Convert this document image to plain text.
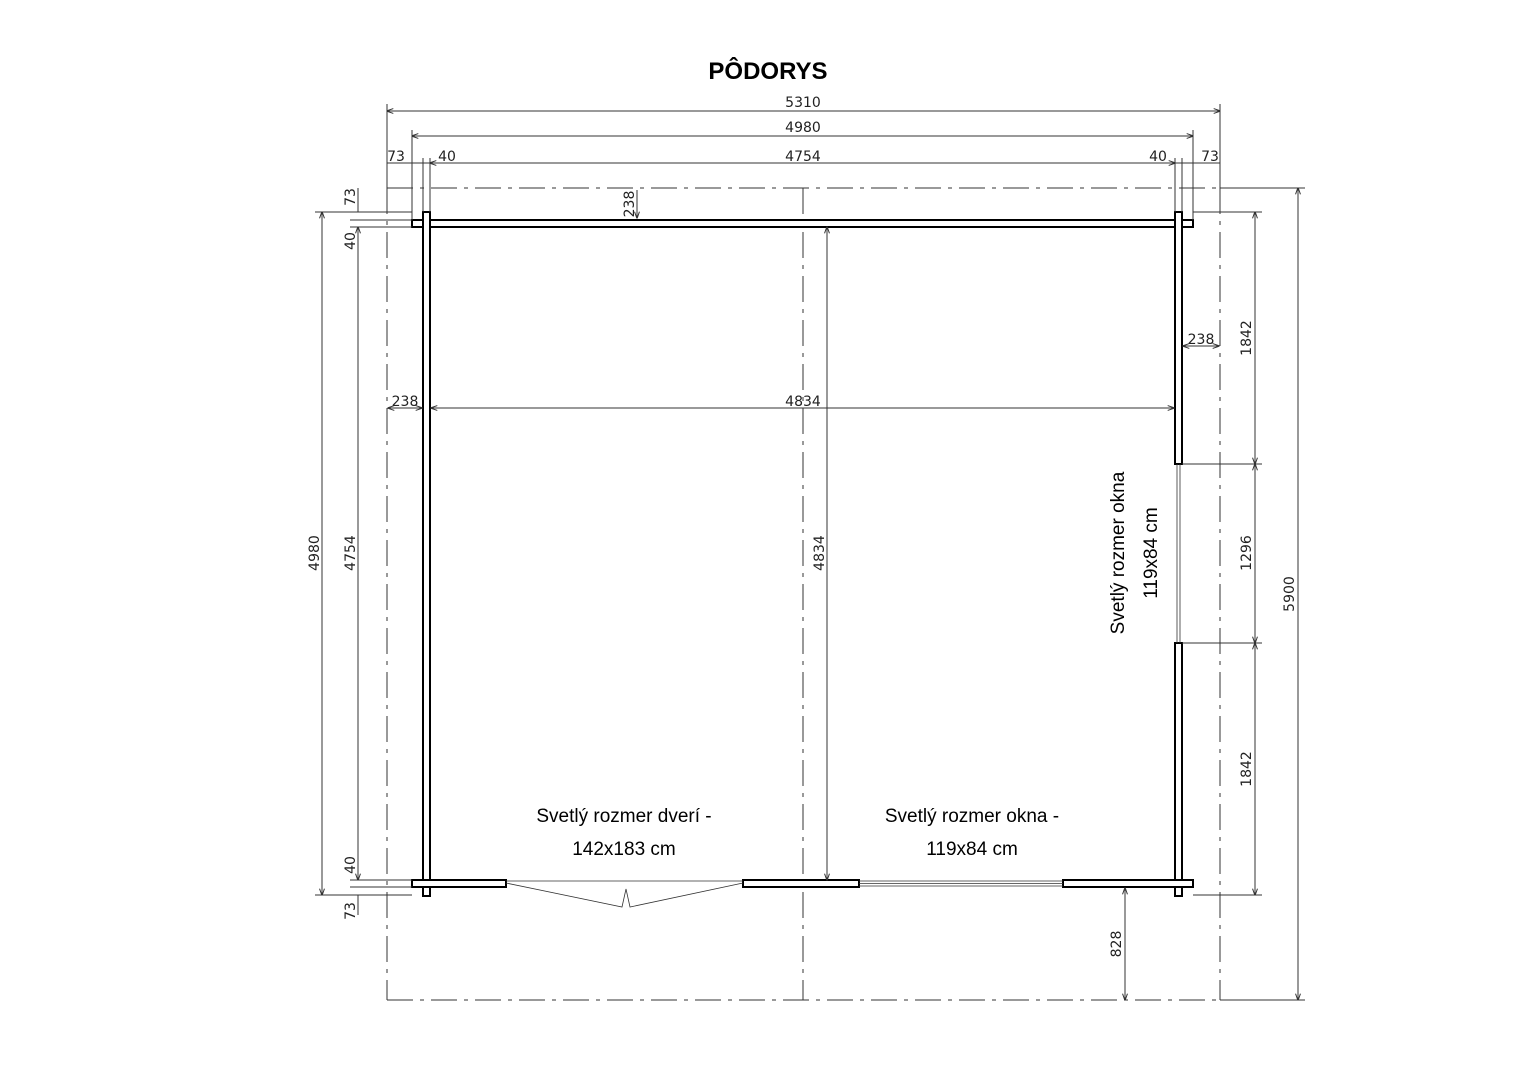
PÔDORYS
5310
4980
73 40	4754	40 73
238	4834
238
238
4980 4754
73
40
40
73
4834
1842
1296
1842
5900
828
Svetlý rozmer okna 119x84 cm
Svetlý rozmer dverí -
142x183 cm
Svetlý rozmer okna -
119x84 cm
